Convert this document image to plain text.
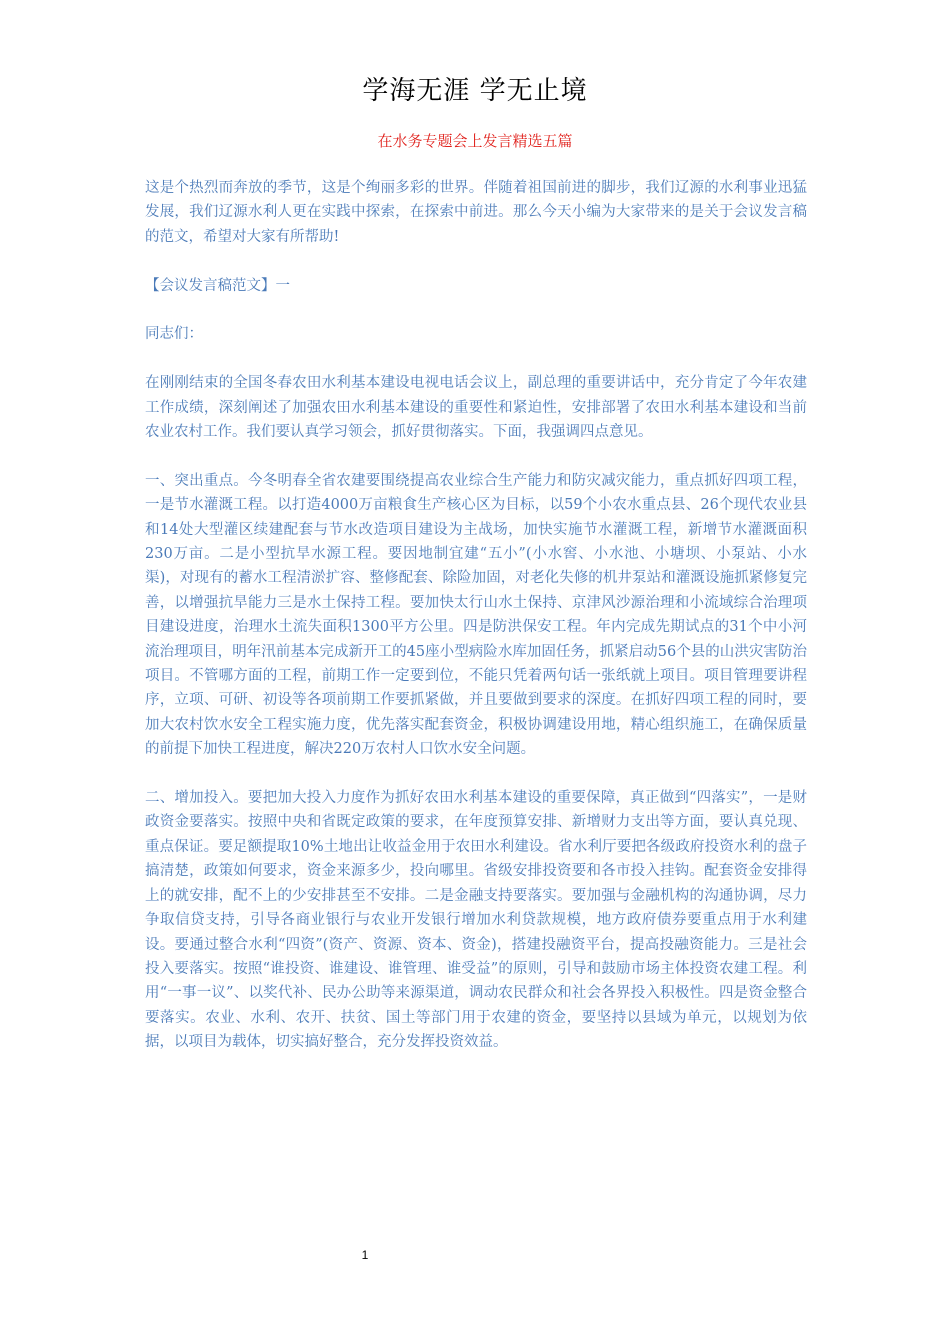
学海无涯 学无止境
在水务专题会上发言精选五篇

这是个热烈而奔放的季节，这是个绚丽多彩的世界。伴随着祖国前进的脚步，我们辽源的水利事业迅猛发展，我们辽源水利人更在实践中探索，在探索中前进。那么今天小编为大家带来的是关于会议发言稿的范文，希望对大家有所帮助!

【会议发言稿范文】一

同志们：

在刚刚结束的全国冬春农田水利基本建设电视电话会议上，副总理的重要讲话中，充分肯定了今年农建工作成绩，深刻阐述了加强农田水利基本建设的重要性和紧迫性，安排部署了农田水利基本建设和当前农业农村工作。我们要认真学习领会，抓好贯彻落实。下面，我强调四点意见。

一、突出重点。今冬明春全省农建要围绕提高农业综合生产能力和防灾减灾能力，重点抓好四项工程，一是节水灌溉工程。以打造4000万亩粮食生产核心区为目标，以59个小农水重点县、26个现代农业县和14处大型灌区续建配套与节水改造项目建设为主战场，加快实施节水灌溉工程，新增节水灌溉面积230万亩。二是小型抗旱水源工程。要因地制宜建“五小”(小水窖、小水池、小塘坝、小泵站、小水渠)，对现有的蓄水工程清淤扩容、整修配套、除险加固，对老化失修的机井泵站和灌溉设施抓紧修复完善，以增强抗旱能力三是水土保持工程。要加快太行山水土保持、京津风沙源治理和小流域综合治理项目建设进度，治理水土流失面积1300平方公里。四是防洪保安工程。年内完成先期试点的31个中小河流治理项目，明年汛前基本完成新开工的45座小型病险水库加固任务，抓紧启动56个县的山洪灾害防治项目。不管哪方面的工程，前期工作一定要到位，不能只凭着两句话一张纸就上项目。项目管理要讲程序，立项、可研、初设等各项前期工作要抓紧做，并且要做到要求的深度。在抓好四项工程的同时，要加大农村饮水安全工程实施力度，优先落实配套资金，积极协调建设用地，精心组织施工，在确保质量的前提下加快工程进度，解决220万农村人口饮水安全问题。

二、增加投入。要把加大投入力度作为抓好农田水利基本建设的重要保障，真正做到“四落实”，一是财政资金要落实。按照中央和省既定政策的要求，在年度预算安排、新增财力支出等方面，要认真兑现、重点保证。要足额提取10%土地出让收益金用于农田水利建设。省水利厅要把各级政府投资水利的盘子搞清楚，政策如何要求，资金来源多少，投向哪里。省级安排投资要和各市投入挂钩。配套资金安排得上的就安排，配不上的少安排甚至不安排。二是金融支持要落实。要加强与金融机构的沟通协调，尽力争取信贷支持，引导各商业银行与农业开发银行增加水利贷款规模，地方政府债券要重点用于水利建设。要通过整合水利“四资”(资产、资源、资本、资金)，搭建投融资平台，提高投融资能力。三是社会投入要落实。按照“谁投资、谁建设、谁管理、谁受益”的原则，引导和鼓励市场主体投资农建工程。利用“一事一议”、以奖代补、民办公助等来源渠道，调动农民群众和社会各界投入积极性。四是资金整合要落实。农业、水利、农开、扶贫、国土等部门用于农建的资金，要坚持以县域为单元，以规划为依据，以项目为载体，切实搞好整合，充分发挥投资效益。

1
